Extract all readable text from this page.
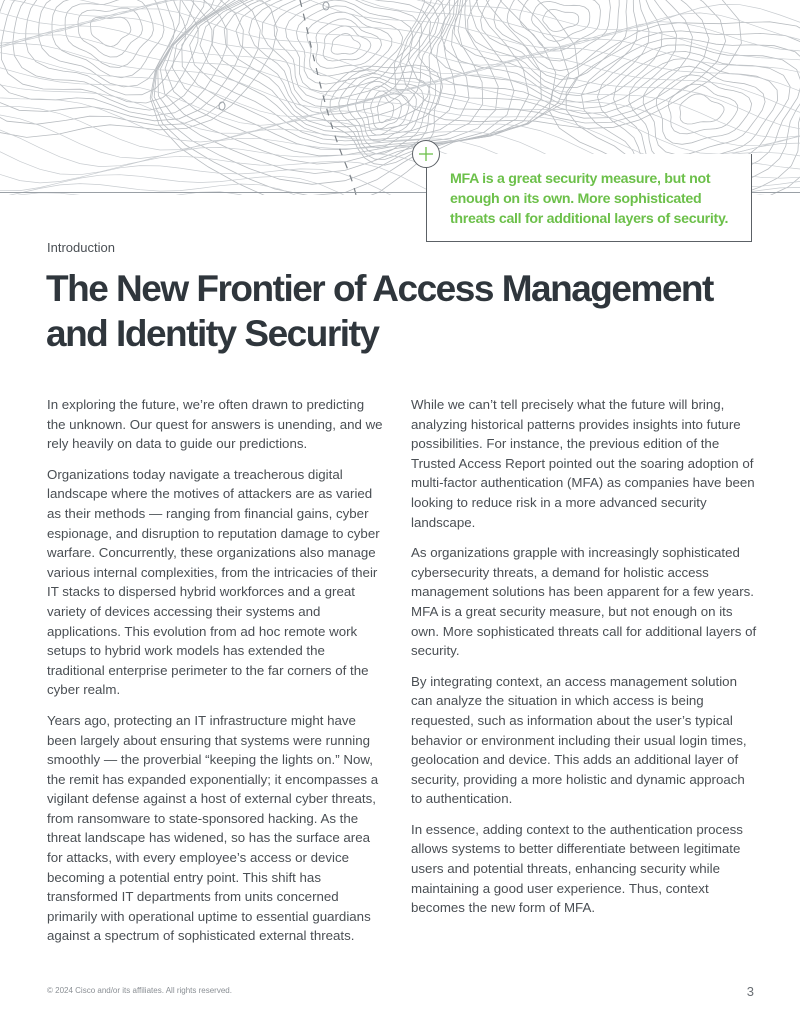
MFA is a great security measure, but not enough on its own. More sophisticated threats call for additional layers of security.

Introduction

The New Frontier of Access Management and Identity Security

In exploring the future, we’re often drawn to predicting the unknown. Our quest for answers is unending, and we rely heavily on data to guide our predictions.

Organizations today navigate a treacherous digital landscape where the motives of attackers are as varied as their methods — ranging from financial gains, cyber espionage, and disruption to reputation damage to cyber warfare. Concurrently, these organizations also manage various internal complexities, from the intricacies of their IT stacks to dispersed hybrid workforces and a great variety of devices accessing their systems and applications. This evolution from ad hoc remote work setups to hybrid work models has extended the traditional enterprise perimeter to the far corners of the cyber realm.

Years ago, protecting an IT infrastructure might have been largely about ensuring that systems were running smoothly — the proverbial “keeping the lights on.” Now, the remit has expanded exponentially; it encompasses a vigilant defense against a host of external cyber threats, from ransomware to state-sponsored hacking. As the threat landscape has widened, so has the surface area for attacks, with every employee’s access or device becoming a potential entry point. This shift has transformed IT departments from units concerned primarily with operational uptime to essential guardians against a spectrum of sophisticated external threats.

While we can’t tell precisely what the future will bring, analyzing historical patterns provides insights into future possibilities. For instance, the previous edition of the Trusted Access Report pointed out the soaring adoption of multi-factor authentication (MFA) as companies have been looking to reduce risk in a more advanced security landscape.

As organizations grapple with increasingly sophisticated cybersecurity threats, a demand for holistic access management solutions has been apparent for a few years. MFA is a great security measure, but not enough on its own. More sophisticated threats call for additional layers of security.

By integrating context, an access management solution can analyze the situation in which access is being requested, such as information about the user’s typical behavior or environment including their usual login times, geolocation and device. This adds an additional layer of security, providing a more holistic and dynamic approach to authentication.

In essence, adding context to the authentication process allows systems to better differentiate between legitimate users and potential threats, enhancing security while maintaining a good user experience. Thus, context becomes the new form of MFA.

© 2024 Cisco and/or its affiliates. All rights reserved.	3
